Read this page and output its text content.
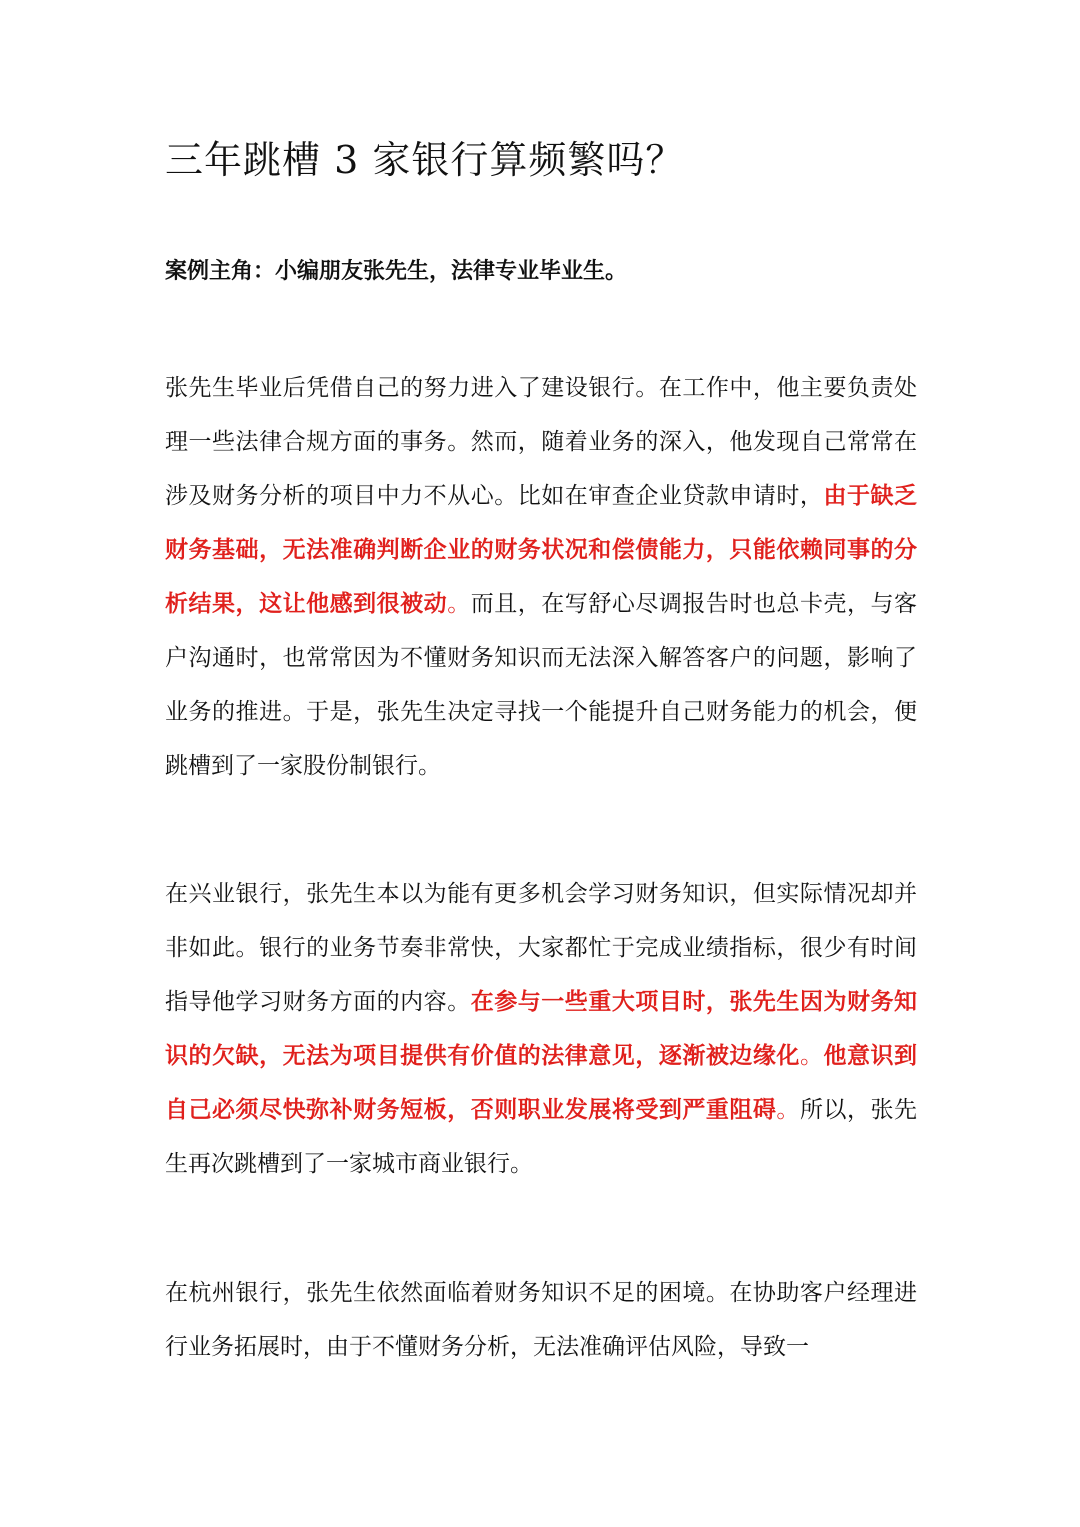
三年跳槽 3 家银行算频繁吗？

案例主角：小编朋友张先生，法律专业毕业生。

张先生毕业后凭借自己的努力进入了建设银行。在工作中，他主要负责处理一些法律合规方面的事务。然而，随着业务的深入，他发现自己常常在涉及财务分析的项目中力不从心。比如在审查企业贷款申请时，由于缺乏财务基础，无法准确判断企业的财务状况和偿债能力，只能依赖同事的分析结果，这让他感到很被动。而且，在写舒心尽调报告时也总卡壳，与客户沟通时，也常常因为不懂财务知识而无法深入解答客户的问题，影响了业务的推进。于是，张先生决定寻找一个能提升自己财务能力的机会，便跳槽到了一家股份制银行。

在兴业银行，张先生本以为能有更多机会学习财务知识，但实际情况却并非如此。银行的业务节奏非常快，大家都忙于完成业绩指标，很少有时间指导他学习财务方面的内容。在参与一些重大项目时，张先生因为财务知识的欠缺，无法为项目提供有价值的法律意见，逐渐被边缘化。他意识到自己必须尽快弥补财务短板，否则职业发展将受到严重阻碍。所以，张先生再次跳槽到了一家城市商业银行。

在杭州银行，张先生依然面临着财务知识不足的困境。在协助客户经理进行业务拓展时，由于不懂财务分析，无法准确评估风险，导致一
